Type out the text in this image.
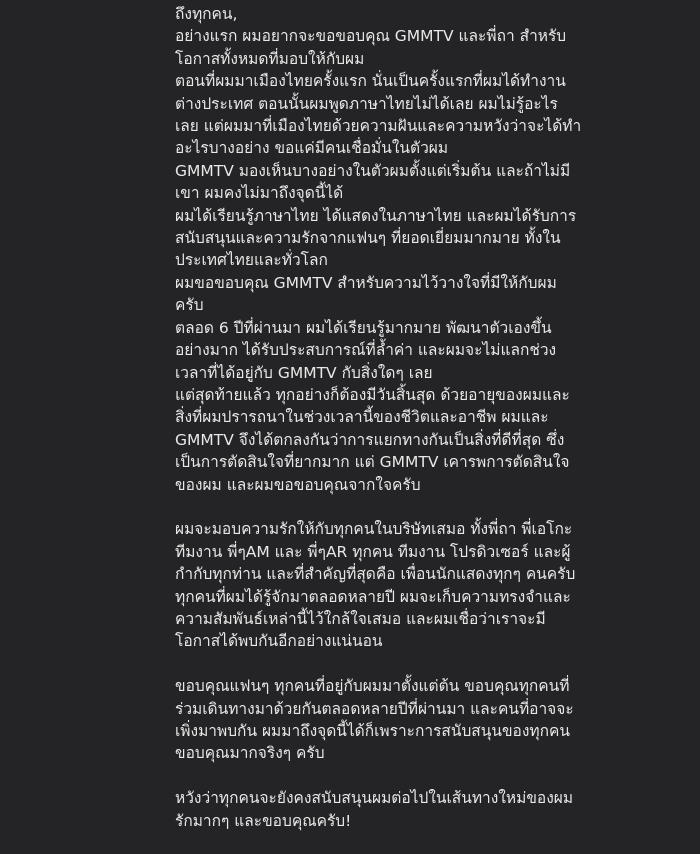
ถึงทุกคน,
อย่างแรก ผมอยากจะขอขอบคุณ GMMTV และพี่ถา สำหรับ
โอกาสทั้งหมดที่มอบให้กับผม
ตอนที่ผมมาเมืองไทยครั้งแรก นั่นเป็นครั้งแรกที่ผมได้ทำงาน
ต่างประเทศ ตอนนั้นผมพูดภาษาไทยไม่ได้เลย ผมไม่รู้อะไร
เลย แต่ผมมาที่เมืองไทยด้วยความฝันและความหวังว่าจะได้ทำ
อะไรบางอย่าง ขอแค่มีคนเชื่อมั่นในตัวผม
GMMTV มองเห็นบางอย่างในตัวผมตั้งแต่เริ่มต้น และถ้าไม่มี
เขา ผมคงไม่มาถึงจุดนี้ได้
ผมได้เรียนรู้ภาษาไทย ได้แสดงในภาษาไทย และผมได้รับการ
สนับสนุนและความรักจากแฟนๆ ที่ยอดเยี่ยมมากมาย ทั้งใน
ประเทศไทยและทั่วโลก
ผมขอขอบคุณ GMMTV สำหรับความไว้วางใจที่มีให้กับผม
ครับ
ตลอด 6 ปีที่ผ่านมา ผมได้เรียนรู้มากมาย พัฒนาตัวเองขึ้น
อย่างมาก ได้รับประสบการณ์ที่ล้ำค่า และผมจะไม่แลกช่วง
เวลาที่ได้อยู่กับ GMMTV กับสิ่งใดๆ เลย
แต่สุดท้ายแล้ว ทุกอย่างก็ต้องมีวันสิ้นสุด ด้วยอายุของผมและ
สิ่งที่ผมปรารถนาในช่วงเวลานี้ของชีวิตและอาชีพ ผมและ
GMMTV จึงได้ตกลงกันว่าการแยกทางกันเป็นสิ่งที่ดีที่สุด ซึ่ง
เป็นการตัดสินใจที่ยากมาก แต่ GMMTV เคารพการตัดสินใจ
ของผม และผมขอขอบคุณจากใจครับ
ผมจะมอบความรักให้กับทุกคนในบริษัทเสมอ ทั้งพี่ถา พี่เอโกะ
ทีมงาน พี่ๆAM และ พี่ๆAR ทุกคน ทีมงาน โปรดิวเซอร์ และผู้
กำกับทุกท่าน และที่สำคัญที่สุดคือ เพื่อนนักแสดงทุกๆ คนครับ
ทุกคนที่ผมได้รู้จักมาตลอดหลายปี ผมจะเก็บความทรงจำและ
ความสัมพันธ์เหล่านี้ไว้ใกล้ใจเสมอ และผมเชื่อว่าเราจะมี
โอกาสได้พบกันอีกอย่างแน่นอน
ขอบคุณแฟนๆ ทุกคนที่อยู่กับผมมาตั้งแต่ต้น ขอบคุณทุกคนที่
ร่วมเดินทางมาด้วยกันตลอดหลายปีที่ผ่านมา และคนที่อาจจะ
เพิ่งมาพบกัน ผมมาถึงจุดนี้ได้ก็เพราะการสนับสนุนของทุกคน
ขอบคุณมากจริงๆ ครับ
หวังว่าทุกคนจะยังคงสนับสนุนผมต่อไปในเส้นทางใหม่ของผม
รักมากๆ และขอบคุณครับ!
